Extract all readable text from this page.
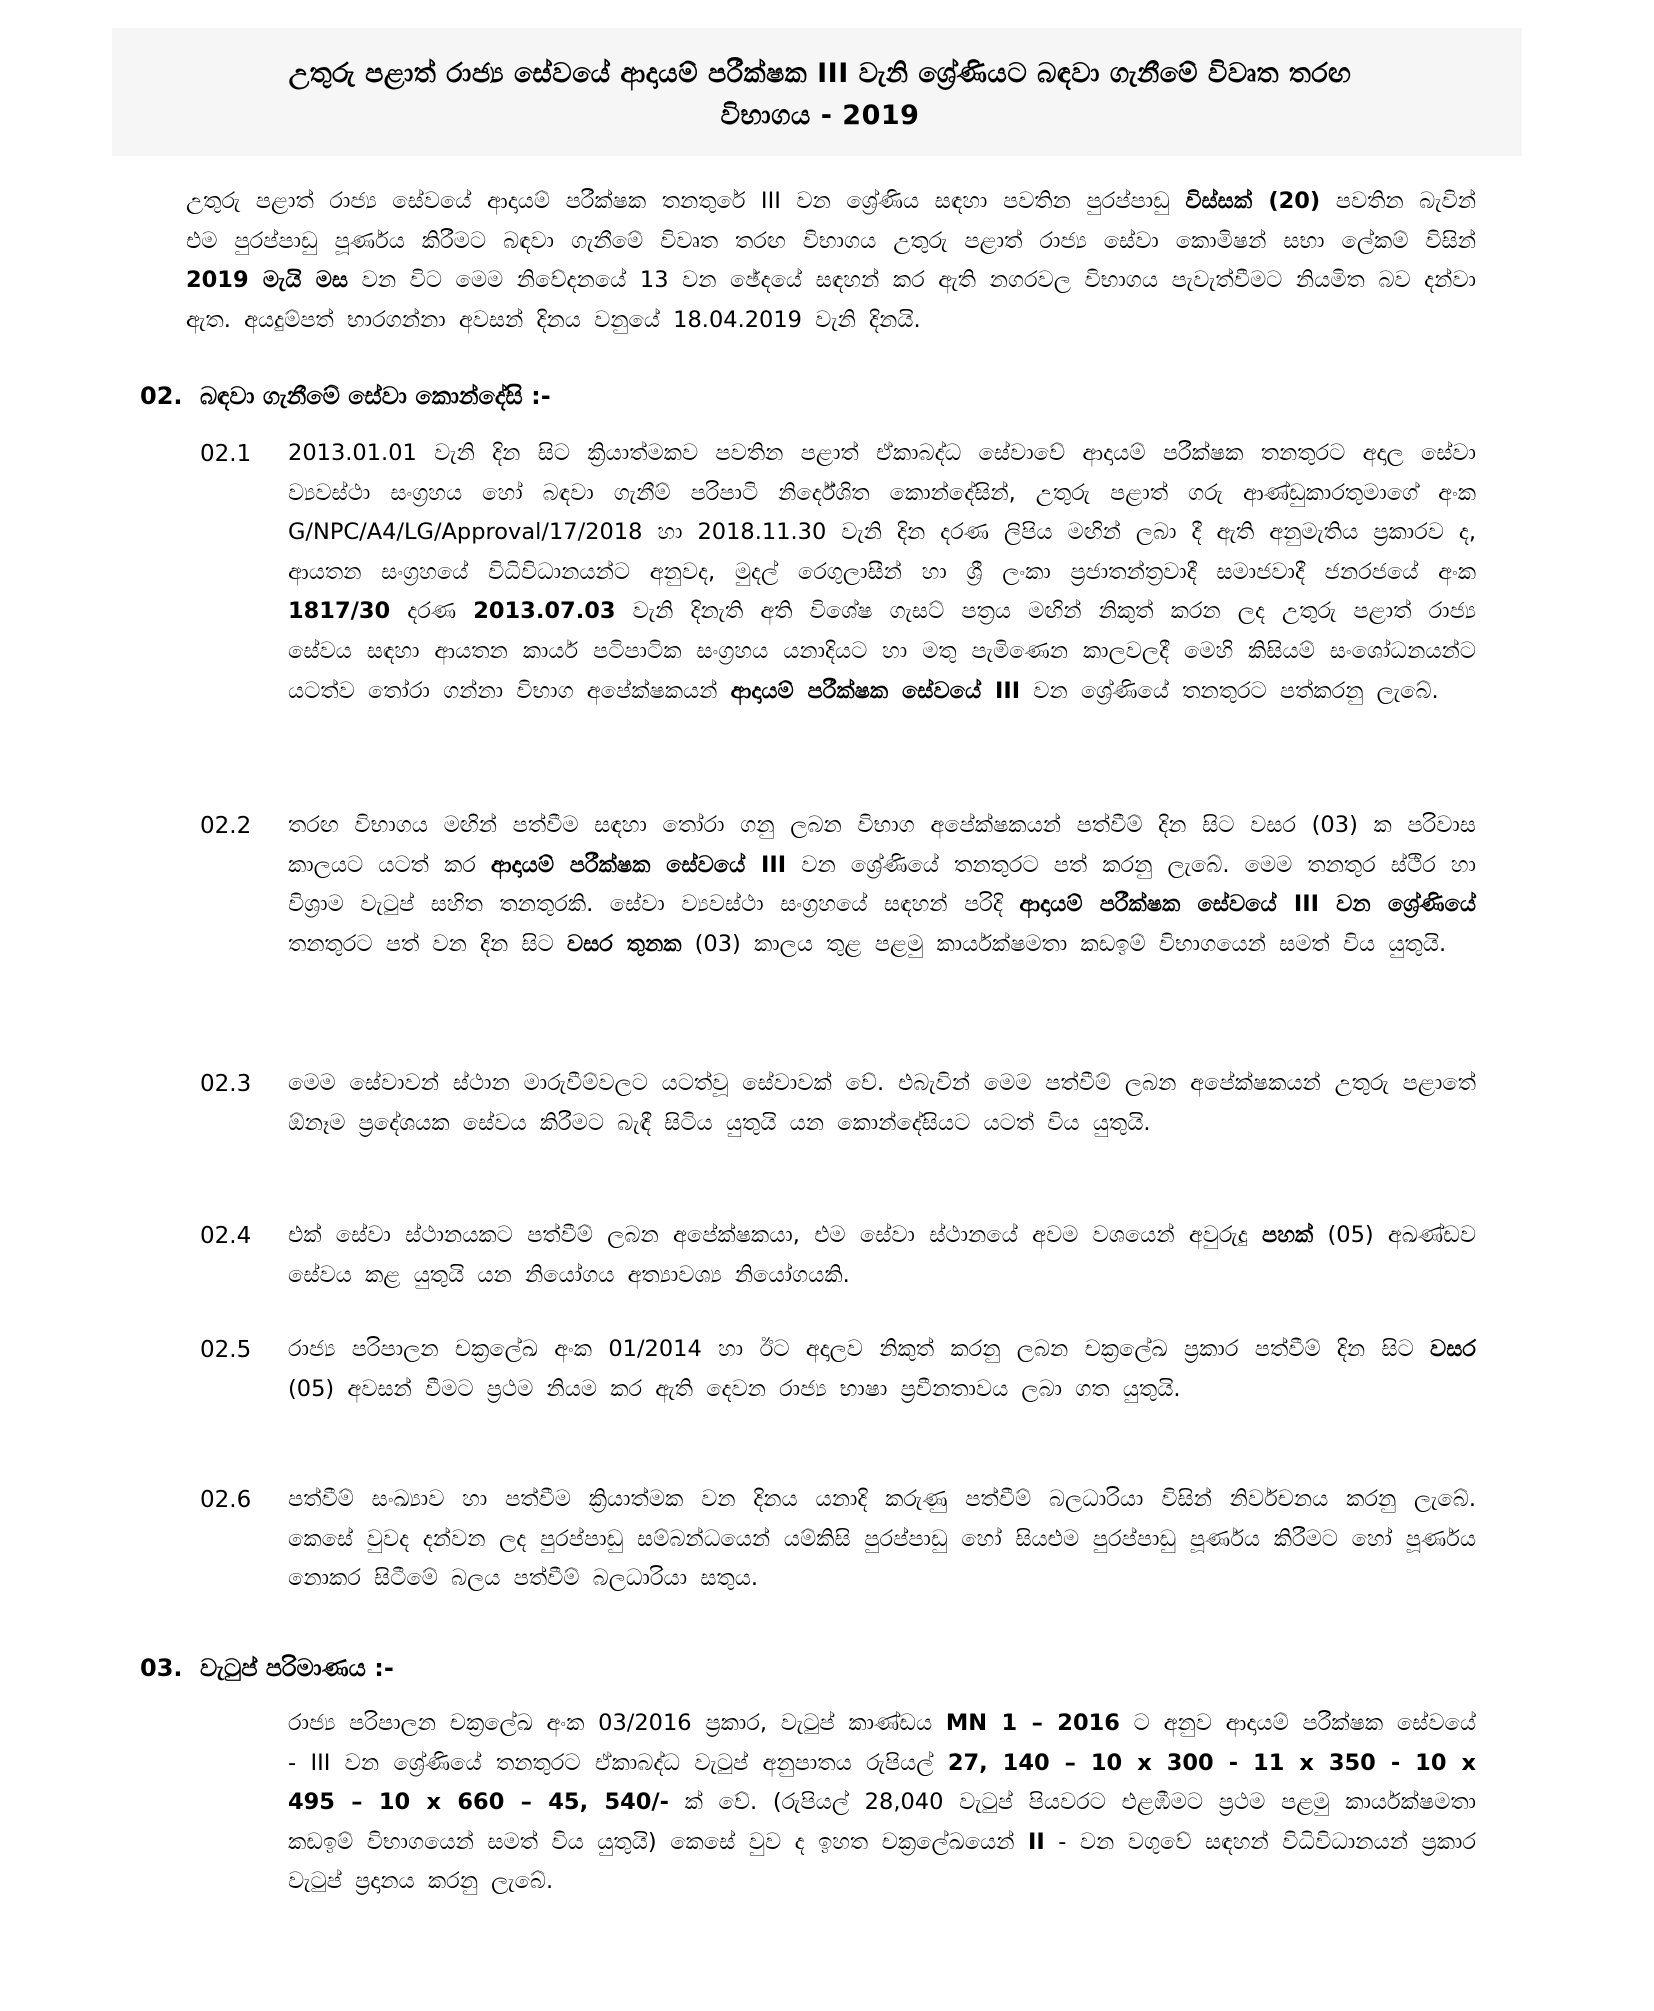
උතුරු පළාත් රාජ්‍ය සේවයේ ආදායම් පරීක්ෂක III වැනි ශ්‍රේණියට බඳවා ගැනීමේ විවෘත තරඟ
විභාගය - 2019
උතුරු පළාත් රාජ්‍ය සේවයේ ආදායම් පරීක්ෂක තනතුරේ III වන ශ්‍රේණිය සඳහා පවතින පුරප්පාඩු විස්සක් (20) පවතින බැවින් එම පුරප්පාඩු පූර්ණය කිරීමට බඳවා ගැනීමේ විවෘත තරඟ විභාගය උතුරු පළාත් රාජ්‍ය සේවා කොමිෂන් සභා ලේකම් විසින් 2019 මැයි මස වන විට මෙම නිවේදනයේ 13 වන ඡේදයේ සඳහන් කර ඇති නගරවල විභාගය පැවැත්වීමට නියමිත බව දන්වා ඇත. අයදුම්පත් භාරගන්නා අවසන් දිනය වනුයේ 18.04.2019 වැනි දිනයි.
02. බඳවා ගැනීමේ සේවා කොන්දේසි :-
02.1 2013.01.01 වැනි දින සිට ක්‍රියාත්මකව පවතින පළාත් ඒකාබද්ධ සේවාවේ ආදායම් පරීක්ෂක තනතුරට අදාල සේවා ව්‍යවස්ථා සංග්‍රහය හෝ බඳවා ගැනීම් පරිපාටි නිර්දේශිත කොන්දේසින්, උතුරු පළාත් ගරු ආණ්ඩුකාරතුමාගේ අංක G/NPC/A4/LG/Approval/17/2018 හා 2018.11.30 වැනි දින දරණ ලිපිය මඟින් ලබා දී ඇති අනුමැතිය ප්‍රකාරව ද, ආයතන සංග්‍රහයේ විධිවිධානයන්ට අනුවද, මුදල් රෙගුලාසීන් හා ශ්‍රී ලංකා ප්‍රජාතන්ත්‍රවාදී සමාජවාදී ජනරජයේ අංක 1817/30 දරණ 2013.07.03 වැනි දිනැති අති විශේෂ ගැසට් පත්‍රය මඟින් නිකුත් කරන ලද උතුරු පළාත් රාජ්‍ය සේවය සඳහා ආයතන කාර්ය පටිපාටික සංග්‍රහය යනාදියට හා මතු පැමිණෙන කාලවලදී මෙහි කිසියම් සංශෝධනයන්ට යටත්ව තෝරා ගන්නා විභාග අපේක්ෂකයන් ආදායම් පරීක්ෂක සේවයේ III වන ශ්‍රේණියේ තනතුරට පත්කරනු ලැබේ.
02.2 තරඟ විභාගය මඟින් පත්වීම සඳහා තෝරා ගනු ලබන විභාග අපේක්ෂකයන් පත්වීම් දින සිට වසර (03) ක පරිවාස කාලයට යටත් කර ආදායම් පරීක්ෂක සේවයේ III වන ශ්‍රේණියේ තනතුරට පත් කරනු ලැබේ. මෙම තනතුර ස්ථිර හා විශ්‍රාම වැටුප් සහිත තනතුරකි. සේවා ව්‍යවස්ථා සංග්‍රහයේ සඳහන් පරිදි ආදායම් පරීක්ෂක සේවයේ III වන ශ්‍රේණියේ තනතුරට පත් වන දින සිට වසර තුනක (03) කාලය තුළ පළමු කාර්යක්ෂමතා කඩඉම් විභාගයෙන් සමත් විය යුතුයි.
02.3 මෙම සේවාවන් ස්ථාන මාරුවීම්වලට යටත්වූ සේවාවක් වේ. එබැවින් මෙම පත්වීම් ලබන අපේක්ෂකයන් උතුරු පළාතේ ඕනෑම ප්‍රදේශයක සේවය කිරීමට බැඳී සිටිය යුතුයි යන කොන්දේසියට යටත් විය යුතුයි.
02.4 එක් සේවා ස්ථානයකට පත්වීම් ලබන අපේක්ෂකයා, එම සේවා ස්ථානයේ අවම වශයෙන් අවුරුදු පහක් (05) අඛණ්ඩව සේවය කළ යුතුයි යන නියෝගය අත්‍යාවශ්‍ය නියෝගයකි.
02.5 රාජ්‍ය පරිපාලන චක්‍රලේඛ අංක 01/2014 හා ඊට අදාලව නිකුත් කරනු ලබන චක්‍රලේඛ ප්‍රකාර පත්වීම් දින සිට වසර (05) අවසන් වීමට ප්‍රථම නියම කර ඇති දෙවන රාජ්‍ය භාෂා ප්‍රවීනතාවය ලබා ගත යුතුයි.
02.6 පත්වීම් සංඛ්‍යාව හා පත්වීම ක්‍රියාත්මක වන දිනය යනාදි කරුණු පත්වීම් බලධාරියා විසින් නිර්වචනය කරනු ලැබේ. කෙසේ වුවද දන්වන ලද පුරප්පාඩු සම්බන්ධයෙන් යම්කිසි පුරප්පාඩු හෝ සියළුම පුරප්පාඩු පූර්ණය කිරීමට හෝ පූර්ණය නොකර සිටීමේ බලය පත්වීම් බලධාරියා සතුය.
03. වැටුප් පරිමාණය :-
රාජ්‍ය පරිපාලන චක්‍රලේඛ අංක 03/2016 ප්‍රකාර, වැටුප් කාණ්ඩය MN 1 – 2016 ට අනුව ආදායම් පරීක්ෂක සේවයේ - III වන ශ්‍රේණියේ තනතුරට ඒකාබද්ධ වැටුප් අනුපාතය රුපියල් 27, 140 – 10 x 300 - 11 x 350 - 10 x 495 – 10 x 660 – 45, 540/- ක් වේ. (රුපියල් 28,040 වැටුප් පියවරට එළඹීමට ප්‍රථම පළමු කාර්යක්ෂමතා කඩඉම් විභාගයෙන් සමත් විය යුතුයි) කෙසේ වුව ද ඉහත චක්‍රලේඛයෙන් II - වන වගුවේ සඳහන් විධිවිධානයන් ප්‍රකාර වැටුප් ප්‍රදානය කරනු ලැබේ.
